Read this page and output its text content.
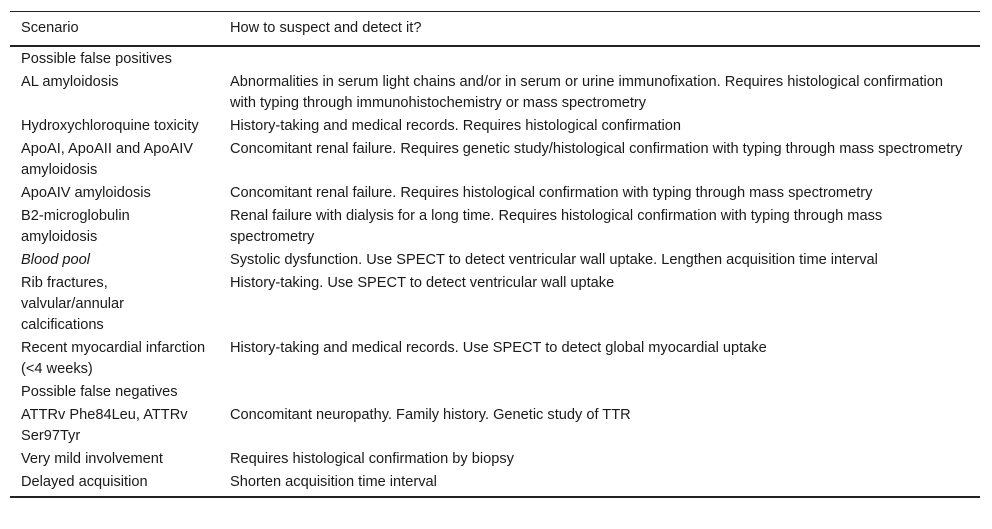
Scenario	How to suspect and detect it?
Possible false positives	
AL amyloidosis	Abnormalities in serum light chains and/or in serum or urine immunofixation. Requires histological confirmation with typing through immunohistochemistry or mass spectrometry
Hydroxychloroquine toxicity	History-taking and medical records. Requires histological confirmation
ApoAI, ApoAII and ApoAIV amyloidosis	Concomitant renal failure. Requires genetic study/histological confirmation with typing through mass spectrometry
ApoAIV amyloidosis	Concomitant renal failure. Requires histological confirmation with typing through mass spectrometry
B2-microglobulin amyloidosis	Renal failure with dialysis for a long time. Requires histological confirmation with typing through mass spectrometry
Blood pool	Systolic dysfunction. Use SPECT to detect ventricular wall uptake. Lengthen acquisition time interval
Rib fractures, valvular/annular calcifications	History-taking. Use SPECT to detect ventricular wall uptake
Recent myocardial infarction (<4 weeks)	History-taking and medical records. Use SPECT to detect global myocardial uptake
Possible false negatives	
ATTRv Phe84Leu, ATTRv Ser97Tyr	Concomitant neuropathy. Family history. Genetic study of TTR
Very mild involvement	Requires histological confirmation by biopsy
Delayed acquisition	Shorten acquisition time interval
